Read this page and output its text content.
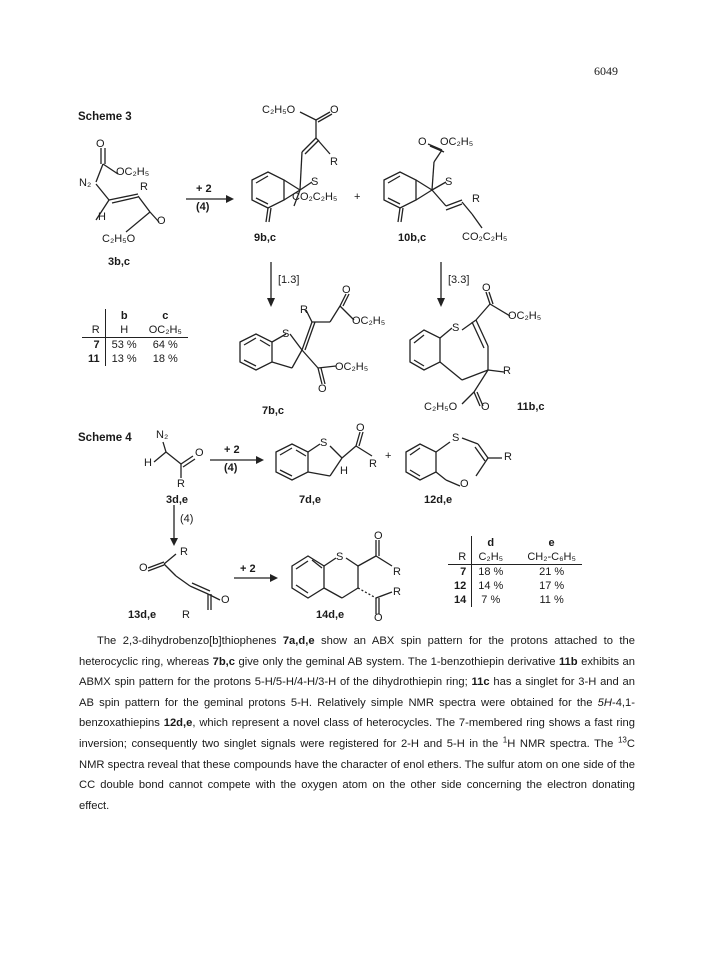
6049
Scheme 3
O
OC₂H₅
N₂	R
H	O
C₂H₅O
3b,c
+ 2
(4)
C₂H₅O	O
R
S
CO₂C₂H₅ +
9b,c
O OC₂H₅
S
R
CO₂C₂H₅
10b,c
[1.3]	[3.3]
	b	c
R	H	OC₂H₅
7	53 %	64 %
11	13 %	18 %
R
O
OC₂H₅
S
OC₂H₅
O
7b,c
O
OC₂H₅
S
R
C₂H₅O O 11b,c
Scheme 4 N₂
H
O
R
3d,e
+ 2
(4)
S
O
R
H
+
7d,e
S
R
O
12d,e
(4)
R
O
O
13d,e R
+ 2
S
O
R
R
O
14d,e
	d	e
R	C₂H₅	CH₂-C₆H₅
7	18 %	21 %
12	14 %	17 %
14	7 %	11 %

The 2,3-dihydrobenzo[b]thiophenes 7a,d,e show an ABX spin pattern for the protons attached to the heterocyclic ring, whereas 7b,c give only the geminal AB system. The 1-benzothiepin derivative 11b exhibits an ABMX spin pattern for the protons 5-H/5-H/4-H/3-H of the dihydrothiepin ring; 11c has a singlet for 3-H and an AB spin pattern for the geminal protons 5-H. Relatively simple NMR spectra were obtained for the 5H-4,1-benzoxathiepins 12d,e, which represent a novel class of heterocycles. The 7-membered ring shows a fast ring inversion; consequently two singlet signals were registered for 2-H and 5-H in the $^1$H NMR spectra. The $^{13}$C NMR spectra reveal that these compounds have the character of enol ethers. The sulfur atom on one side of the CC double bond cannot compete with the oxygen atom on the other side concerning the electron donating effect.
